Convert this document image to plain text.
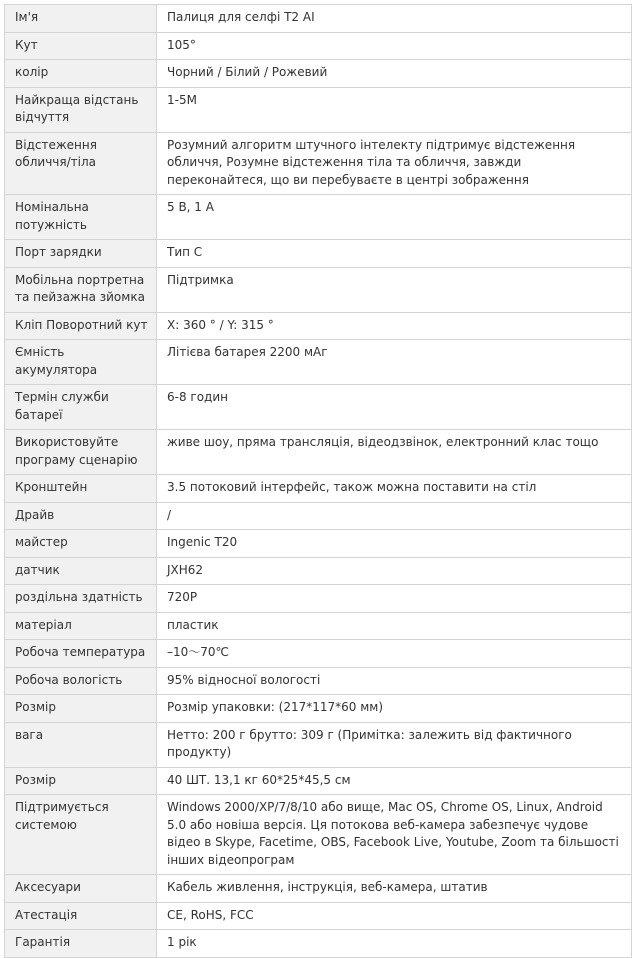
Ім'я	Палиця для селфі T2 AI
Кут	105°
колір	Чорний / Білий / Рожевий
Найкраща відстань відчуття	1-5M
Відстеження обличчя/тіла	Розумний алгоритм штучного інтелекту підтримує відстеження обличчя, Розумне відстеження тіла та обличчя, завжди переконайтеся, що ви перебуваєте в центрі зображення
Номінальна потужність	5 В, 1 А
Порт зарядки	Тип C
Мобільна портретна та пейзажна зйомка	Підтримка
Кліп Поворотний кут	X: 360 ° / Y: 315 °
Ємність акумулятора	Літієва батарея 2200 мАг
Термін служби батареї	6-8 годин
Використовуйте програму сценарію	живе шоу, пряма трансляція, відеодзвінок, електронний клас тощо
Кронштейн	3.5 потоковий інтерфейс, також можна поставити на стіл
Драйв	/
майстер	Ingenic T20
датчик	JXH62
роздільна здатність	720P
матеріал	пластик
Робоча температура	–10～70℃
Робоча вологість	95% відносної вологості
Розмір	Розмір упаковки: (217*117*60 мм)
вага	Нетто: 200 г брутто: 309 г (Примітка: залежить від фактичного продукту)
Розмір	40 ШТ. 13,1 кг 60*25*45,5 см
Підтримується системою	Windows 2000/XP/7/8/10 або вище, Mac OS, Chrome OS, Linux, Android 5.0 або новіша версія. Ця потокова веб-камера забезпечує чудове
відео в Skype, Facetime, OBS, Facebook Live, Youtube, Zoom та більшості інших відеопрограм
Аксесуари	Кабель живлення, інструкція, веб-камера, штатив
Атестація	CE, RoHS, FCC
Гарантія	1 рік
